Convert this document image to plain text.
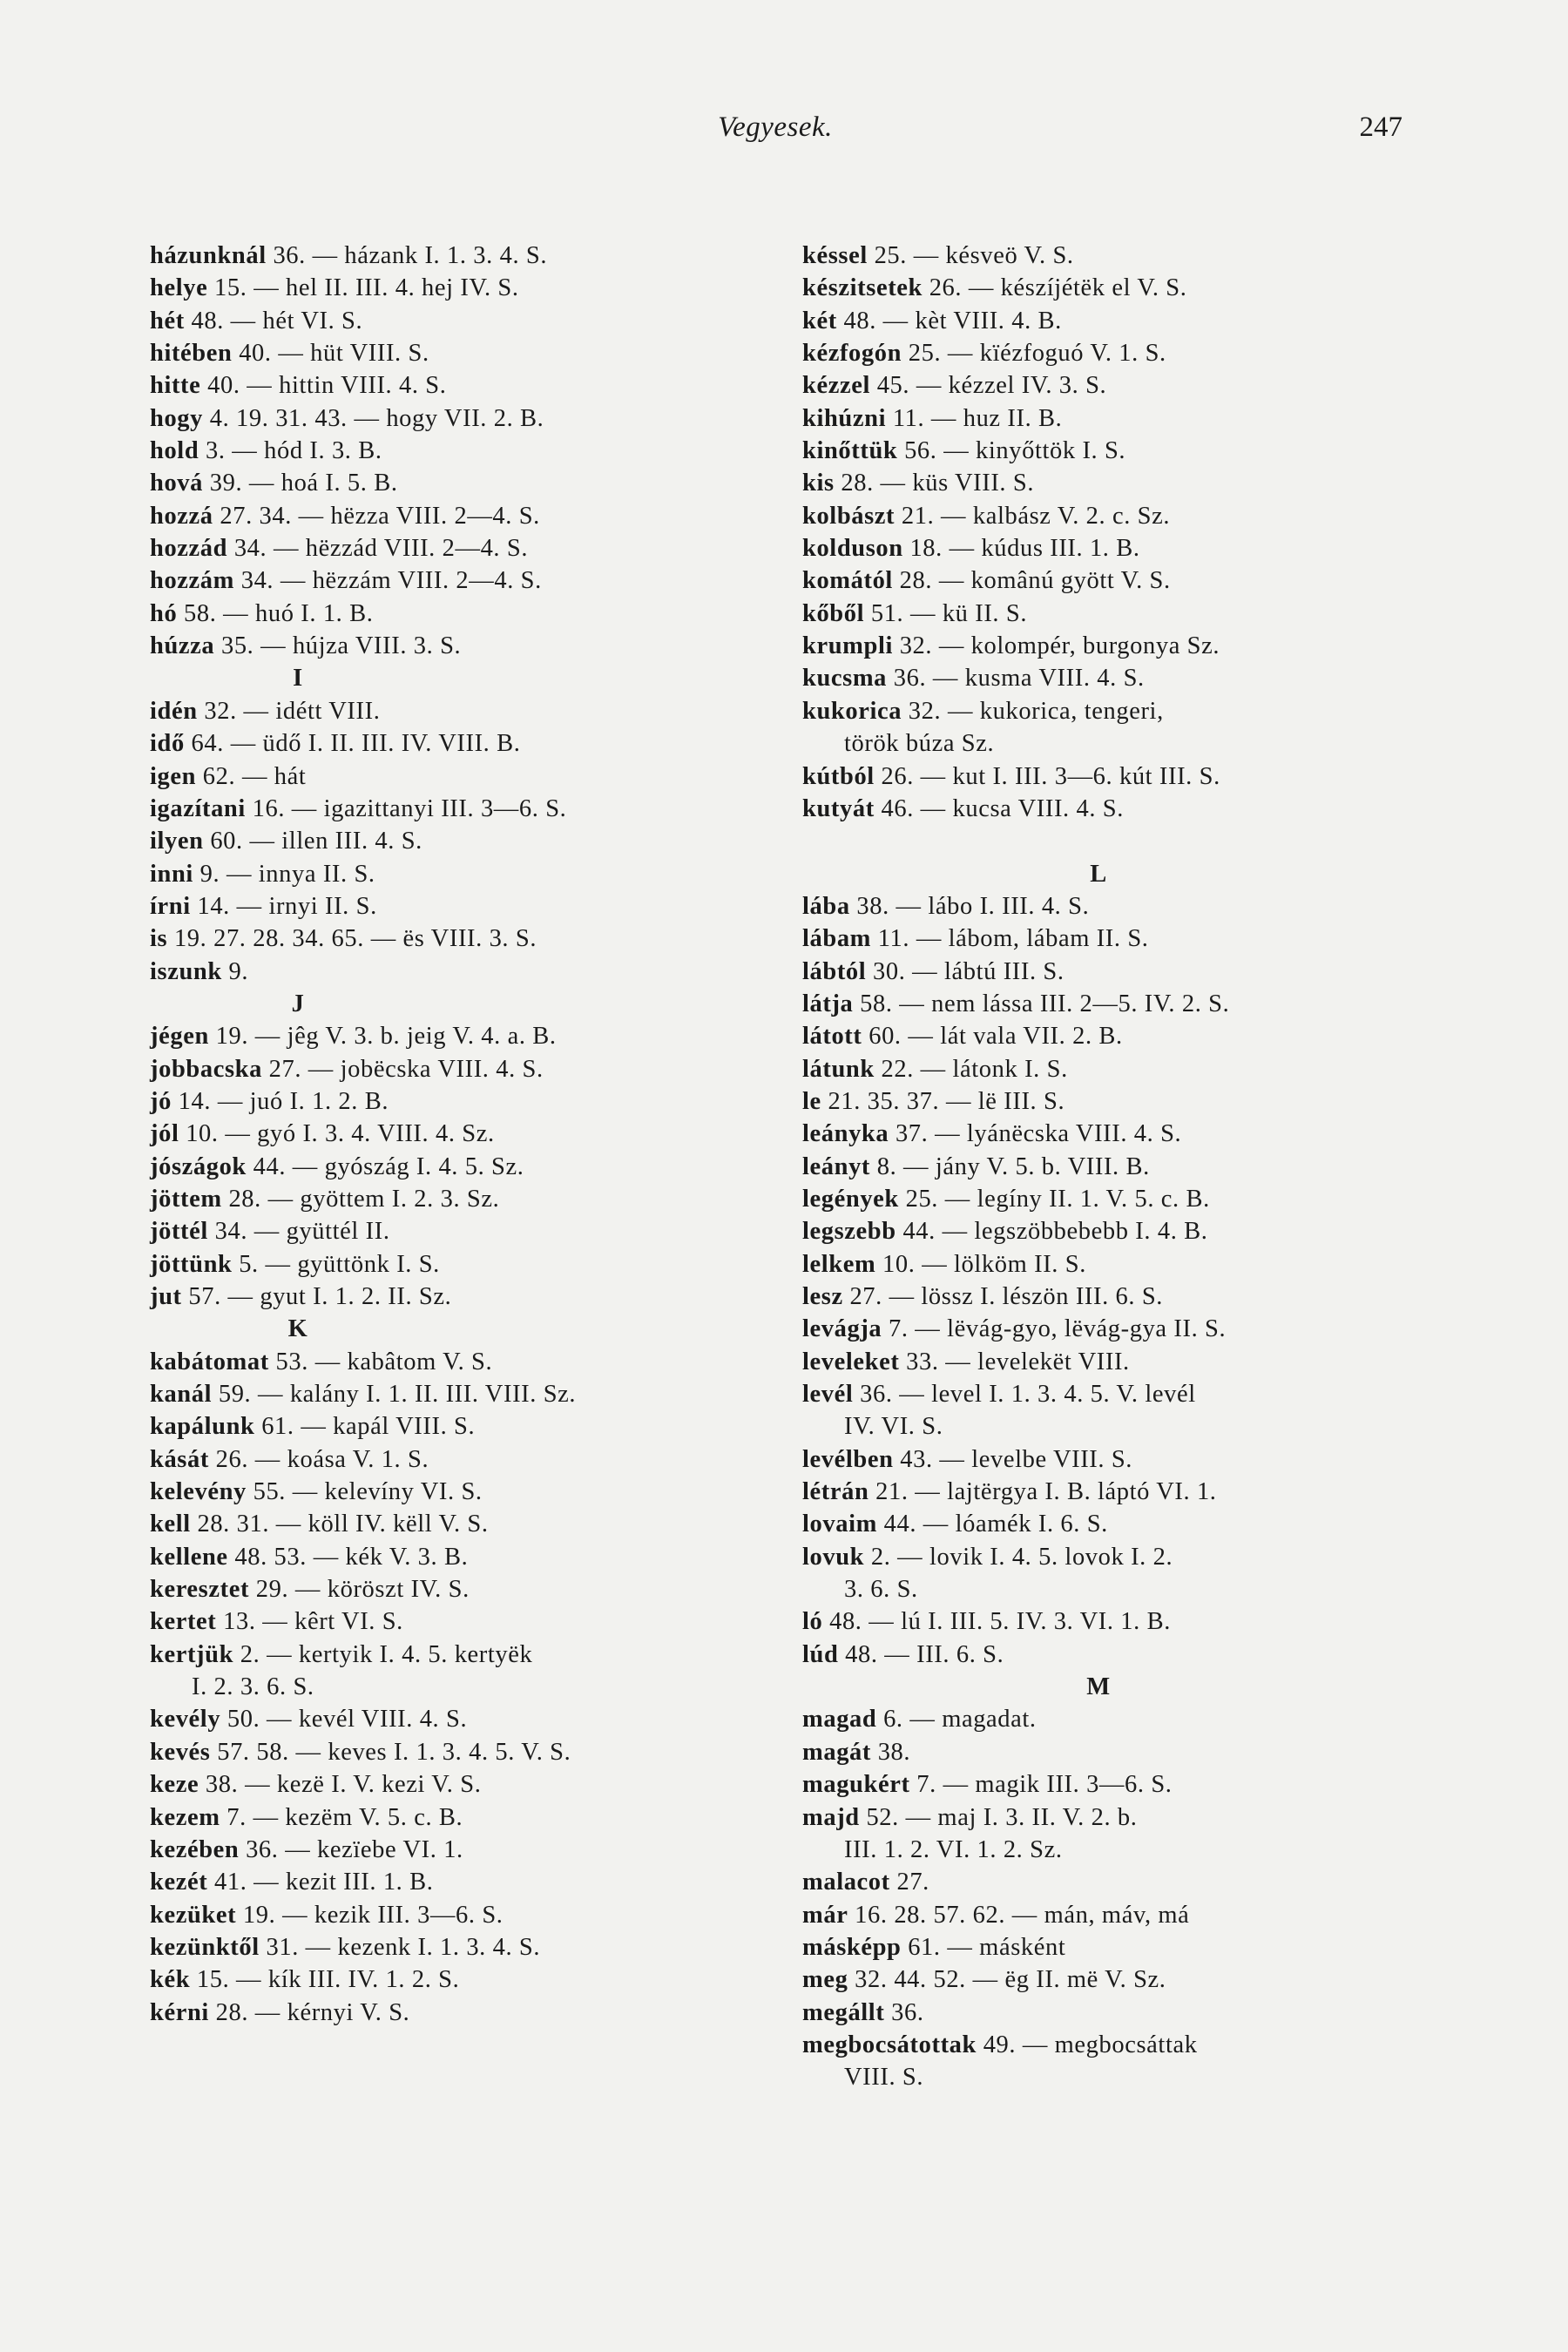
Vegyesek.	247
házunknál 36. — házank I. 1. 3. 4. S.
helye 15. — hel II. III. 4. hej IV. S.
hét 48. — hét VI. S.
hitében 40. — hüt VIII. S.
hitte 40. — hittin VIII. 4. S.
hogy 4. 19. 31. 43. — hogy VII. 2. B.
hold 3. — hód I. 3. B.
hová 39. — hoá I. 5. B.
hozzá 27. 34. — hëzza VIII. 2—4. S.
hozzád 34. — hëzzád VIII. 2—4. S.
hozzám 34. — hëzzám VIII. 2—4. S.
hó 58. — huó I. 1. B.
húzza 35. — hújza VIII. 3. S.
I
idén 32. — idétt VIII.
idő 64. — üdő I. II. III. IV. VIII. B.
igen 62. — hát
igazítani 16. — igazittanyi III. 3—6. S.
ilyen 60. — illen III. 4. S.
inni 9. — innya II. S.
írni 14. — irnyi II. S.
is 19. 27. 28. 34. 65. — ës VIII. 3. S.
iszunk 9.
J
jégen 19. — jêg V. 3. b. jeig V. 4. a. B.
jobbacska 27. — jobëcska VIII. 4. S.
jó 14. — juó I. 1. 2. B.
jól 10. — gyó I. 3. 4. VIII. 4. Sz.
jószágok 44. — gyószág I. 4. 5. Sz.
jöttem 28. — gyöttem I. 2. 3. Sz.
jöttél 34. — gyüttél II.
jöttünk 5. — gyüttönk I. S.
jut 57. — gyut I. 1. 2. II. Sz.
K
kabátomat 53. — kabâtom V. S.
kanál 59. — kalány I. 1. II. III. VIII. Sz.
kapálunk 61. — kapál VIII. S.
kását 26. — koása V. 1. S.
kelevény 55. — kelevíny VI. S.
kell 28. 31. — köll IV. këll V. S.
kellene 48. 53. — kék V. 3. B.
keresztet 29. — köröszt IV. S.
kertet 13. — kêrt VI. S.
kertjük 2. — kertyik I. 4. 5. kertyëk
I. 2. 3. 6. S.
kevély 50. — kevél VIII. 4. S.
kevés 57. 58. — keves I. 1. 3. 4. 5. V. S.
keze 38. — kezë I. V. kezi V. S.
kezem 7. — kezëm V. 5. c. B.
kezében 36. — kezïebe VI. 1.
kezét 41. — kezit III. 1. B.
kezüket 19. — kezik III. 3—6. S.
kezünktől 31. — kezenk I. 1. 3. 4. S.
kék 15. — kík III. IV. 1. 2. S.
kérni 28. — kérnyi V. S.
késsel 25. — késveö V. S.
készitsetek 26. — készíjétëk el V. S.
két 48. — kèt VIII. 4. B.
kézfogón 25. — kïézfoguó V. 1. S.
kézzel 45. — kézzel IV. 3. S.
kihúzni 11. — huz II. B.
kinőttük 56. — kinyőttök I. S.
kis 28. — küs VIII. S.
kolbászt 21. — kalbász V. 2. c. Sz.
kolduson 18. — kúdus III. 1. B.
komától 28. — komânú gyött V. S.
kőből 51. — kü II. S.
krumpli 32. — kolompér, burgonya Sz.
kucsma 36. — kusma VIII. 4. S.
kukorica 32. — kukorica, tengeri,
török búza Sz.
kútból 26. — kut I. III. 3—6. kút III. S.
kutyát 46. — kucsa VIII. 4. S.
L
lába 38. — lábo I. III. 4. S.
lábam 11. — lábom, lábam II. S.
lábtól 30. — lábtú III. S.
látja 58. — nem lássa III. 2—5. IV. 2. S.
látott 60. — lát vala VII. 2. B.
látunk 22. — látonk I. S.
le 21. 35. 37. — lë III. S.
leányka 37. — lyánëcska VIII. 4. S.
leányt 8. — jány V. 5. b. VIII. B.
legények 25. — legíny II. 1. V. 5. c. B.
legszebb 44. — legszöbbebebb I. 4. B.
lelkem 10. — lölköm II. S.
lesz 27. — lössz I. lészön III. 6. S.
levágja 7. — lëvág-gyo, lëvág-gya II. S.
leveleket 33. — levelekët VIII.
levél 36. — level I. 1. 3. 4. 5. V. levél
IV. VI. S.
levélben 43. — levelbe VIII. S.
létrán 21. — lajtërgya I. B. láptó VI. 1.
lovaim 44. — lóamék I. 6. S.
lovuk 2. — lovik I. 4. 5. lovok I. 2.
3. 6. S.
ló 48. — lú I. III. 5. IV. 3. VI. 1. B.
lúd 48. — III. 6. S.
M
magad 6. — magadat.
magát 38.
magukért 7. — magik III. 3—6. S.
majd 52. — maj I. 3. II. V. 2. b.
III. 1. 2. VI. 1. 2. Sz.
malacot 27.
már 16. 28. 57. 62. — mán, máv, má
másképp 61. — másként
meg 32. 44. 52. — ëg II. më V. Sz.
megállt 36.
megbocsátottak 49. — megbocsáttak
VIII. S.
